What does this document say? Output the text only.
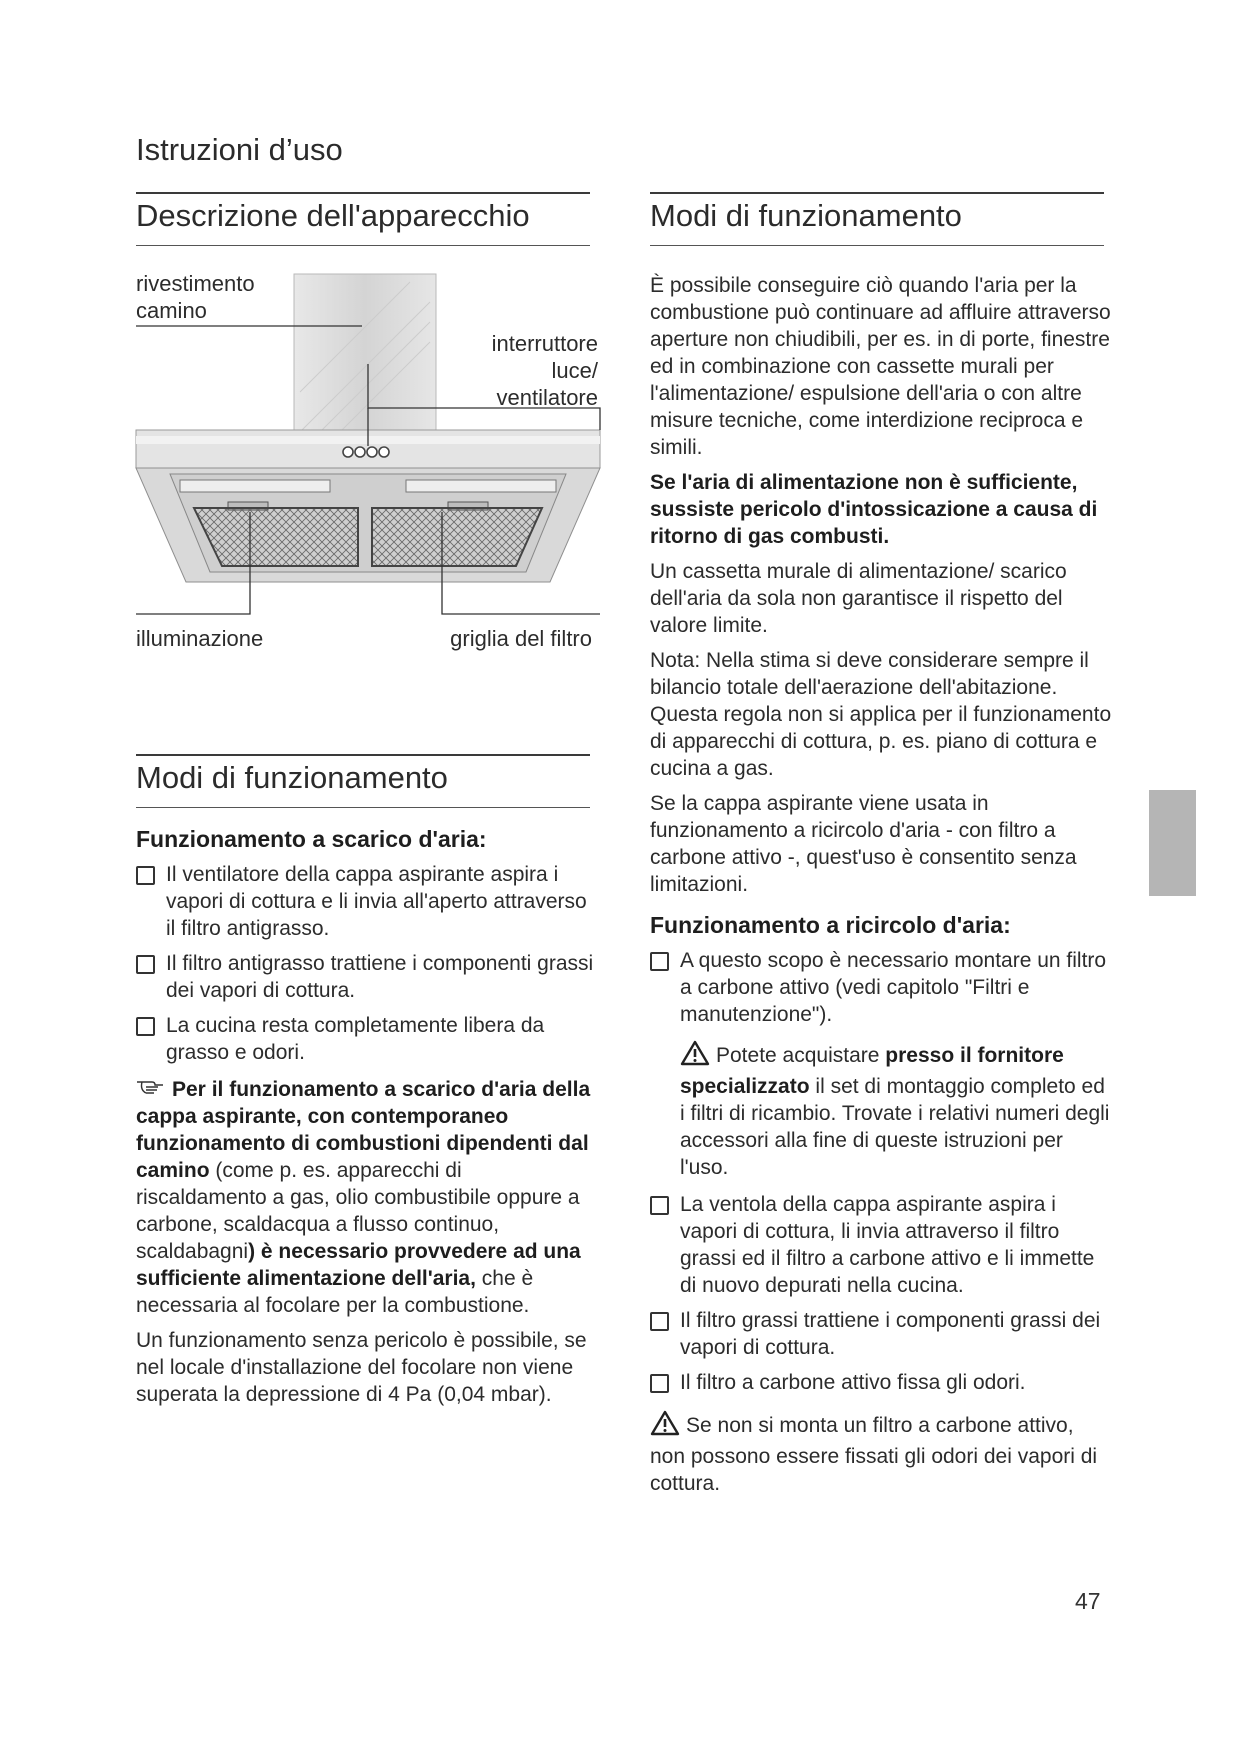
Istruzioni d’uso
Descrizione dell'apparecchio
rivestimento camino
interruttore luce/ ventilatore
illuminazione	griglia del filtro
Modi di funzionamento

Funzionamento a scarico d'aria:

Il ventilatore della cappa aspirante aspira i vapori di cottura e li invia all'aperto attraverso il filtro antigrasso.
Il filtro antigrasso trattiene i componenti grassi dei vapori di cottura.
La cucina resta completamente libera da grasso e odori.

Per il funzionamento a scarico d'aria della cappa aspirante, con contemporaneo funzionamento di combustioni dipendenti dal camino (come p. es. apparecchi di riscaldamento a gas, olio combustibile oppure a carbone, scaldacqua a flusso continuo, scaldabagni) è necessario provvedere ad una sufficiente alimentazione dell'aria, che è necessaria al focolare per la combustione.

Un funzionamento senza pericolo è possibile, se nel locale d'installazione del focolare non viene superata la depressione di 4 Pa (0,04 mbar).

Modi di funzionamento

È possibile conseguire ciò quando l'aria per la combustione può continuare ad affluire attraverso aperture non chiudibili, per es. in di porte, finestre ed in combinazione con cassette murali per l'alimentazione/ espulsione dell'aria o con altre misure tecniche, come interdizione reciproca e simili.

Se l'aria di alimentazione non è sufficiente, sussiste pericolo d'intossicazione a causa di ritorno di gas combusti.

Un cassetta murale di alimentazione/ scarico dell'aria da sola non garantisce il rispetto del valore limite.

Nota: Nella stima si deve considerare sempre il bilancio totale dell'aerazione dell'abitazione. Questa regola non si applica per il funzionamento di apparecchi di cottura, p. es. piano di cottura e cucina a gas.

Se la cappa aspirante viene usata in funzionamento a ricircolo d'aria - con filtro a carbone attivo -, quest'uso è consentito senza limitazioni.

Funzionamento a ricircolo d'aria:

A questo scopo è necessario montare un filtro a carbone attivo (vedi capitolo "Filtri e manutenzione").
Potete acquistare presso il fornitore specializzato il set di montaggio completo ed i filtri di ricambio. Trovate i relativi numeri degli accessori alla fine di queste istruzioni per l'uso.
La ventola della cappa aspirante aspira i vapori di cottura, li invia attraverso il filtro grassi ed il filtro a carbone attivo e li immette di nuovo depurati nella cucina.
Il filtro grassi trattiene i componenti grassi dei vapori di cottura.
Il filtro a carbone attivo fissa gli odori.

Se non si monta un filtro a carbone attivo, non possono essere fissati gli odori dei vapori di cottura.

47
